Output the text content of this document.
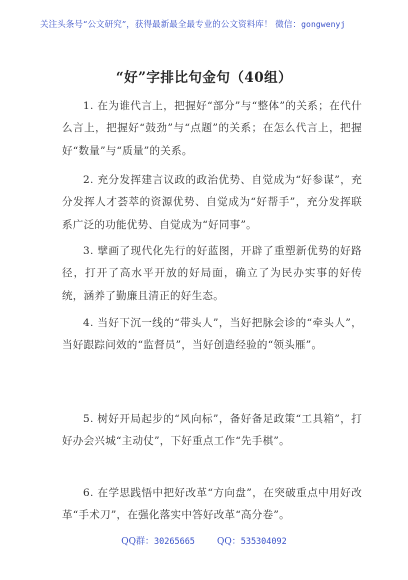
关注头条号“公文研究”，获得最新最全最专业的公文资料库！ 微信：gongwenyj
“好”字排比句金句（40组）
1. 在为谁代言上，把握好“部分”与“整体”的关系；在代什么言上，把握好“鼓劲”与“点题”的关系；在怎么代言上，把握好“数量”与“质量”的关系。
2. 充分发挥建言议政的政治优势、自觉成为“好参谋”，充分发挥人才荟萃的资源优势、自觉成为“好帮手”，充分发挥联系广泛的功能优势、自觉成为“好同事”。
3. 擘画了现代化先行的好蓝图，开辟了重塑新优势的好路径，打开了高水平开放的好局面，确立了为民办实事的好传统，涵养了勤廉且清正的好生态。
4. 当好下沉一线的“带头人”，当好把脉会诊的“牵头人”，当好跟踪问效的“监督员”，当好创造经验的“领头雁”。
5. 树好开局起步的“风向标”，备好备足政策“工具箱”，打好办会兴城“主动仗”，下好重点工作“先手棋”。
6. 在学思践悟中把好改革“方向盘”，在突破重点中用好改革“手术刀”，在强化落实中答好改革“高分卷”。
QQ群：30265665 QQ：535304092
